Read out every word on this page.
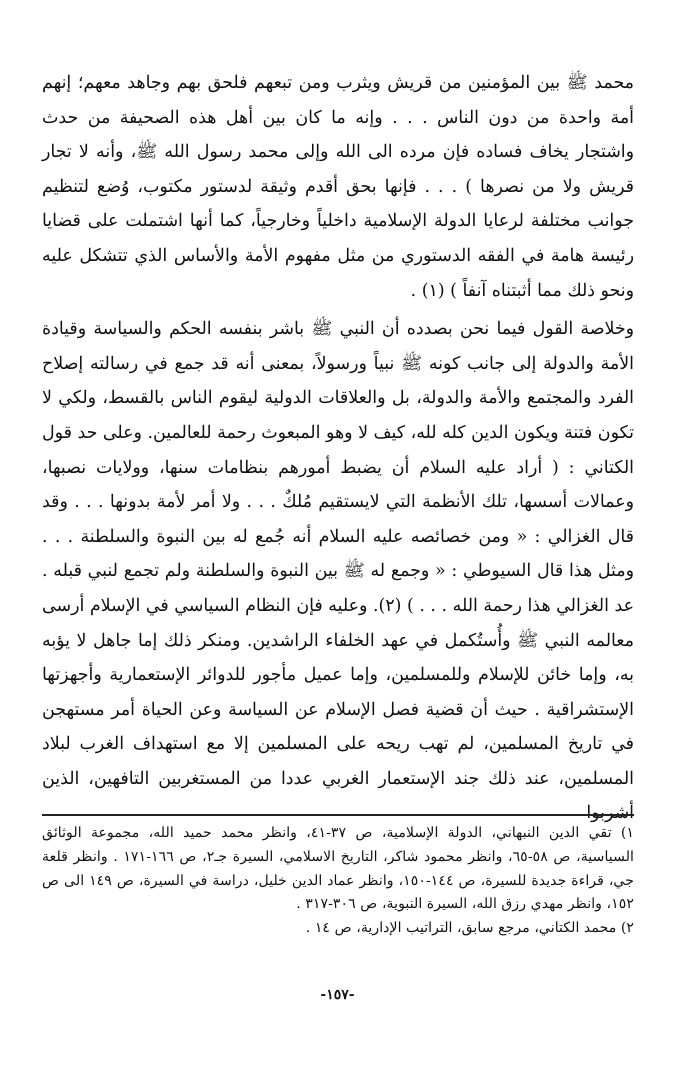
محمد ﷺ بين المؤمنين من قريش ويثرب ومن تبعهم فلحق بهم وجاهد معهم؛ إنهم أمة واحدة من دون الناس . . . وإنه ما كان بين أهل هذه الصحيفة من حدث واشتجار يخاف فساده فإن مرده الى الله وإلى محمد رسول الله ﷺ، وأنه لا تجار قريش ولا من نصرها ) . . . فإنها بحق أقدم وثيقة لدستور مكتوب، وُضع لتنظيم جوانب مختلفة لرعايا الدولة الإسلامية داخلياً وخارجياً، كما أنها اشتملت على قضايا رئيسة هامة في الفقه الدستوري من مثل مفهوم الأمة والأساس الذي تتشكل عليه ونحو ذلك مما أثبتناه آنفاً ) (١) .

وخلاصة القول فيما نحن بصدده أن النبي ﷺ باشر بنفسه الحكم والسياسة وقيادة الأمة والدولة إلى جانب كونه ﷺ نبياً ورسولاً، بمعنى أنه قد جمع في رسالته إصلاح الفرد والمجتمع والأمة والدولة، بل والعلاقات الدولية ليقوم الناس بالقسط، ولكي لا تكون فتنة ويكون الدين كله لله، كيف لا وهو المبعوث رحمة للعالمين. وعلى حد قول الكتاني : ( أراد عليه السلام أن يضبط أمورهم بنظامات سنها، وولايات نصبها، وعمالات أسسها، تلك الأنظمة التي لايستقيم مُلكٌ . . . ولا أمر لأمة بدونها . . . وقد قال الغزالي : « ومن خصائصه عليه السلام أنه جُمع له بين النبوة والسلطنة . . . ومثل هذا قال السيوطي : « وجمع له ﷺ بين النبوة والسلطنة ولم تجمع لنبي قبله . عد الغزالي هذا رحمة الله . . . ) (٢). وعليه فإن النظام السياسي في الإسلام أرسى معالمه النبي ﷺ وأُستُكمل في عهد الخلفاء الراشدين. ومنكر ذلك إما جاهل لا يؤبه به، وإما خائن للإسلام وللمسلمين، وإما عميل مأجور للدوائر الإستعمارية وأجهزتها الإستشراقية . حيث أن قضية فصل الإسلام عن السياسة وعن الحياة أمر مستهجن في تاريخ المسلمين، لم تهب ريحه على المسلمين إلا مع استهداف الغرب لبلاد المسلمين، عند ذلك جند الإستعمار الغربي عددا من المستغربين التافهين، الذين أشربوا

١) تقي الدين النبهاني، الدولة الإسلامية، ص ٣٧-٤١، وانظر محمد حميد الله، مجموعة الوثائق السياسية، ص ٥٨-٦٥، وانظر محمود شاكر، التاريخ الاسلامي، السيرة جـ٢، ص ١٦٦-١٧١ . وانظر قلعة جي، قراءة جديدة للسيرة، ص ١٤٤-١٥٠، وانظر عماد الدين خليل، دراسة في السيرة، ص ١٤٩ الى ص ١٥٢، وانظر مهدي رزق الله، السيرة النبوية، ص ٣٠٦-٣١٧ .

٢) محمد الكتاني، مرجع سابق، التراتيب الإدارية، ص ١٤ .

-١٥٧-
